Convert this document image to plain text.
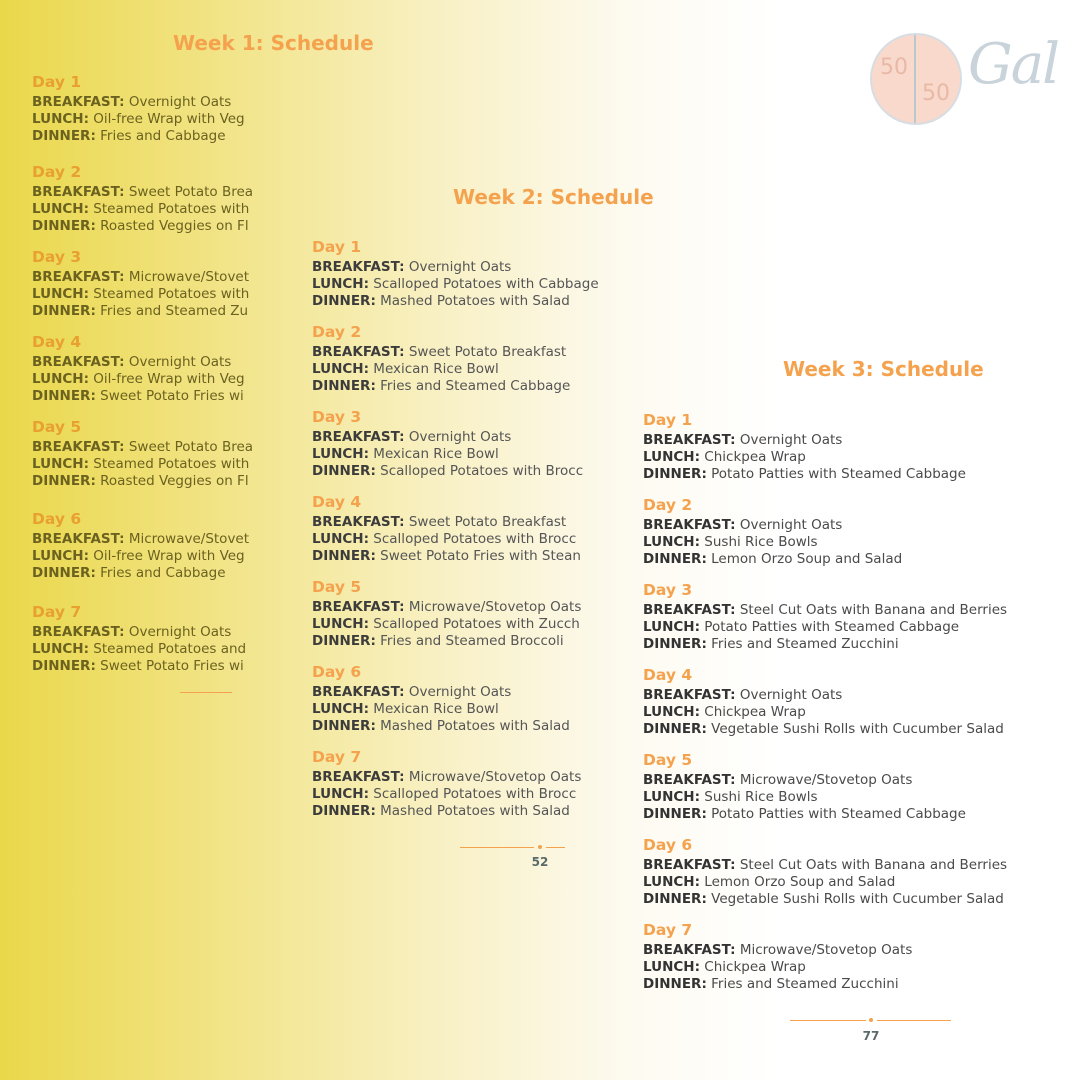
50
50 Gal
Week 1: Schedule
Day 1
BREAKFAST: Overnight Oats
LUNCH: Oil-free Wrap with Veg
DINNER: Fries and Cabbage
Day 2
BREAKFAST: Sweet Potato Brea
LUNCH: Steamed Potatoes with
DINNER: Roasted Veggies on Fl
Day 3
BREAKFAST: Microwave/Stovet
LUNCH: Steamed Potatoes with
DINNER: Fries and Steamed Zu
Day 4
BREAKFAST: Overnight Oats
LUNCH: Oil-free Wrap with Veg
DINNER: Sweet Potato Fries wi
Day 5
BREAKFAST: Sweet Potato Brea
LUNCH: Steamed Potatoes with
DINNER: Roasted Veggies on Fl
Day 6
BREAKFAST: Microwave/Stovet
LUNCH: Oil-free Wrap with Veg
DINNER: Fries and Cabbage
Day 7
BREAKFAST: Overnight Oats
LUNCH: Steamed Potatoes and
DINNER: Sweet Potato Fries wi
Week 2: Schedule
Day 1
BREAKFAST: Overnight Oats
LUNCH: Scalloped Potatoes with Cabbage
DINNER: Mashed Potatoes with Salad
Day 2
BREAKFAST: Sweet Potato Breakfast
LUNCH: Mexican Rice Bowl
DINNER: Fries and Steamed Cabbage
Day 3
BREAKFAST: Overnight Oats
LUNCH: Mexican Rice Bowl
DINNER: Scalloped Potatoes with Brocc
Day 4
BREAKFAST: Sweet Potato Breakfast
LUNCH: Scalloped Potatoes with Brocc
DINNER: Sweet Potato Fries with Stean
Day 5
BREAKFAST: Microwave/Stovetop Oats
LUNCH: Scalloped Potatoes with Zucch
DINNER: Fries and Steamed Broccoli
Day 6
BREAKFAST: Overnight Oats
LUNCH: Mexican Rice Bowl
DINNER: Mashed Potatoes with Salad
Day 7
BREAKFAST: Microwave/Stovetop Oats
LUNCH: Scalloped Potatoes with Brocc
DINNER: Mashed Potatoes with Salad
52
Week 3: Schedule
Day 1
BREAKFAST: Overnight Oats
LUNCH: Chickpea Wrap
DINNER: Potato Patties with Steamed Cabbage
Day 2
BREAKFAST: Overnight Oats
LUNCH: Sushi Rice Bowls
DINNER: Lemon Orzo Soup and Salad
Day 3
BREAKFAST: Steel Cut Oats with Banana and Berries
LUNCH: Potato Patties with Steamed Cabbage
DINNER: Fries and Steamed Zucchini
Day 4
BREAKFAST: Overnight Oats
LUNCH: Chickpea Wrap
DINNER: Vegetable Sushi Rolls with Cucumber Salad
Day 5
BREAKFAST: Microwave/Stovetop Oats
LUNCH: Sushi Rice Bowls
DINNER: Potato Patties with Steamed Cabbage
Day 6
BREAKFAST: Steel Cut Oats with Banana and Berries
LUNCH: Lemon Orzo Soup and Salad
DINNER: Vegetable Sushi Rolls with Cucumber Salad
Day 7
BREAKFAST: Microwave/Stovetop Oats
LUNCH: Chickpea Wrap
DINNER: Fries and Steamed Zucchini
77
